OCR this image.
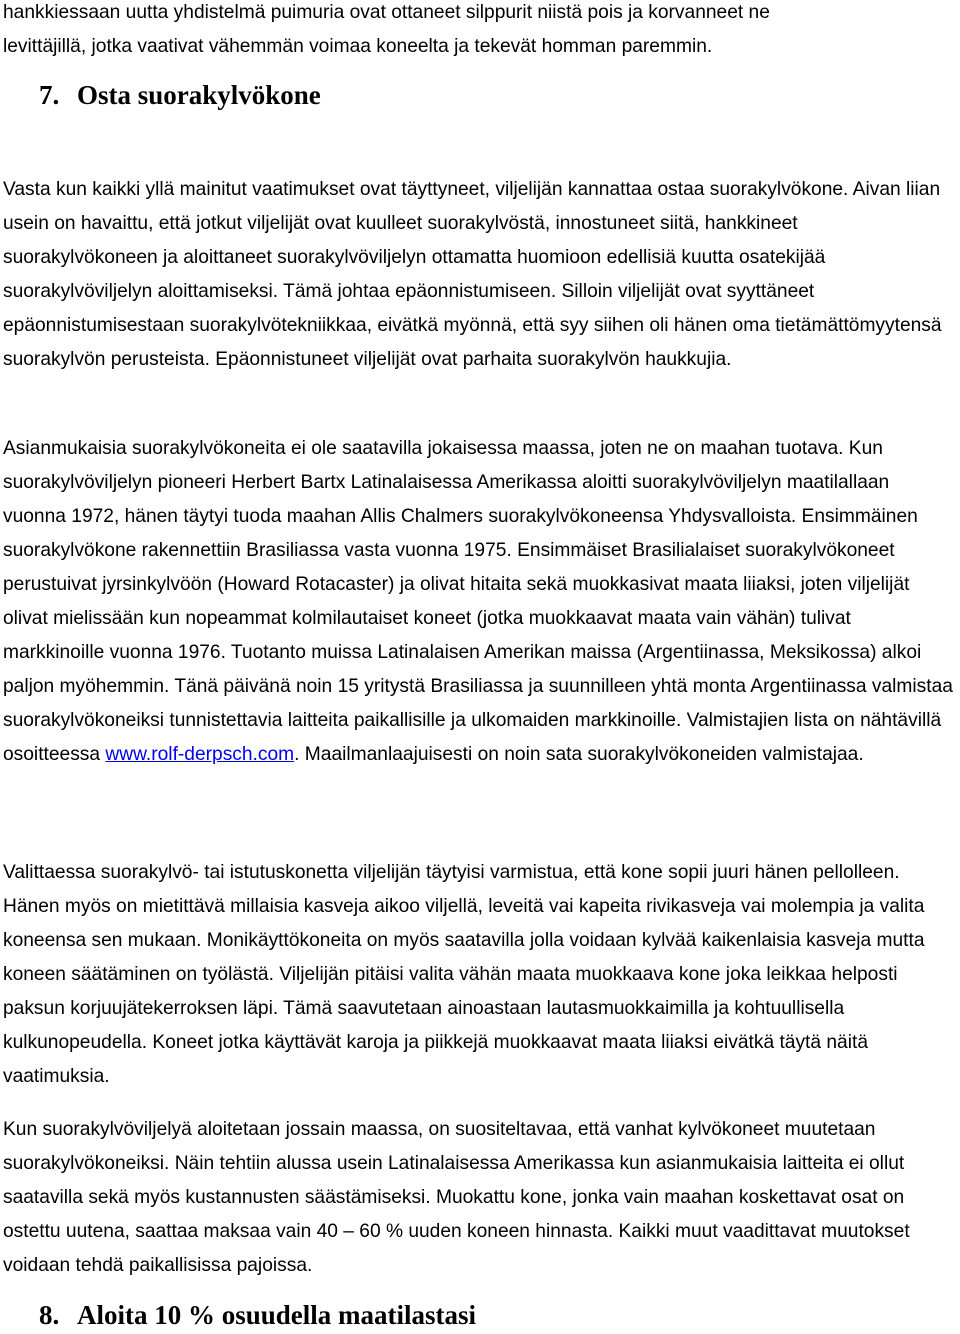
hankkiessaan uutta yhdistelmä puimuria ovat ottaneet silppurit niistä pois ja korvanneet ne

levittäjillä, jotka vaativat vähemmän voimaa koneelta ja tekevät homman paremmin.

7. Osta suorakylvökone

Vasta kun kaikki yllä mainitut vaatimukset ovat täyttyneet, viljelijän kannattaa ostaa suorakylvökone. Aivan liian usein on havaittu, että jotkut viljelijät ovat kuulleet suorakylvöstä, innostuneet siitä, hankkineet suorakylvökoneen ja aloittaneet suorakylvöviljelyn ottamatta huomioon edellisiä kuutta osatekijää suorakylvöviljelyn aloittamiseksi. Tämä johtaa epäonnistumiseen. Silloin viljelijät ovat syyttäneet epäonnistumisestaan suorakylvötekniikkaa, eivätkä myönnä, että syy siihen oli hänen oma tietämättömyytensä suorakylvön perusteista. Epäonnistuneet viljelijät ovat parhaita suorakylvön haukkujia.

Asianmukaisia suorakylvökoneita ei ole saatavilla jokaisessa maassa, joten ne on maahan tuotava. Kun suorakylvöviljelyn pioneeri Herbert Bartx Latinalaisessa Amerikassa aloitti suorakylvöviljelyn maatilallaan vuonna 1972, hänen täytyi tuoda maahan Allis Chalmers suorakylvökoneensa Yhdysvalloista. Ensimmäinen suorakylvökone rakennettiin Brasiliassa vasta vuonna 1975. Ensimmäiset Brasilialaiset suorakylvökoneet perustuivat jyrsinkylvöön (Howard Rotacaster) ja olivat hitaita sekä muokkasivat maata liiaksi, joten viljelijät olivat mielissään kun nopeammat kolmilautaiset koneet (jotka muokkaavat maata vain vähän) tulivat markkinoille vuonna 1976. Tuotanto muissa Latinalaisen Amerikan maissa (Argentiinassa, Meksikossa) alkoi paljon myöhemmin. Tänä päivänä noin 15 yritystä Brasiliassa ja suunnilleen yhtä monta Argentiinassa valmistaa suorakylvökoneiksi tunnistettavia laitteita paikallisille ja ulkomaiden markkinoille. Valmistajien lista on nähtävillä osoitteessa www.rolf-derpsch.com. Maailmanlaajuisesti on noin sata suorakylvökoneiden valmistajaa.

Valittaessa suorakylvö- tai istutuskonetta viljelijän täytyisi varmistua, että kone sopii juuri hänen pellolleen. Hänen myös on mietittävä millaisia kasveja aikoo viljellä, leveitä vai kapeita rivikasveja vai molempia ja valita koneensa sen mukaan. Monikäyttökoneita on myös saatavilla jolla voidaan kylvää kaikenlaisia kasveja mutta koneen säätäminen on työlästä. Viljelijän pitäisi valita vähän maata muokkaava kone joka leikkaa helposti paksun korjuujätekerroksen läpi. Tämä saavutetaan ainoastaan lautasmuokkaimilla ja kohtuullisella kulkunopeudella. Koneet jotka käyttävät karoja ja piikkejä muokkaavat maata liiaksi eivätkä täytä näitä vaatimuksia.

Kun suorakylvöviljelyä aloitetaan jossain maassa, on suositeltavaa, että vanhat kylvökoneet muutetaan suorakylvökoneiksi. Näin tehtiin alussa usein Latinalaisessa Amerikassa kun asianmukaisia laitteita ei ollut saatavilla sekä myös kustannusten säästämiseksi. Muokattu kone, jonka vain maahan koskettavat osat on ostettu uutena, saattaa maksaa vain 40 – 60 % uuden koneen hinnasta. Kaikki muut vaadittavat muutokset voidaan tehdä paikallisissa pajoissa.

8. Aloita 10 % osuudella maatilastasi
